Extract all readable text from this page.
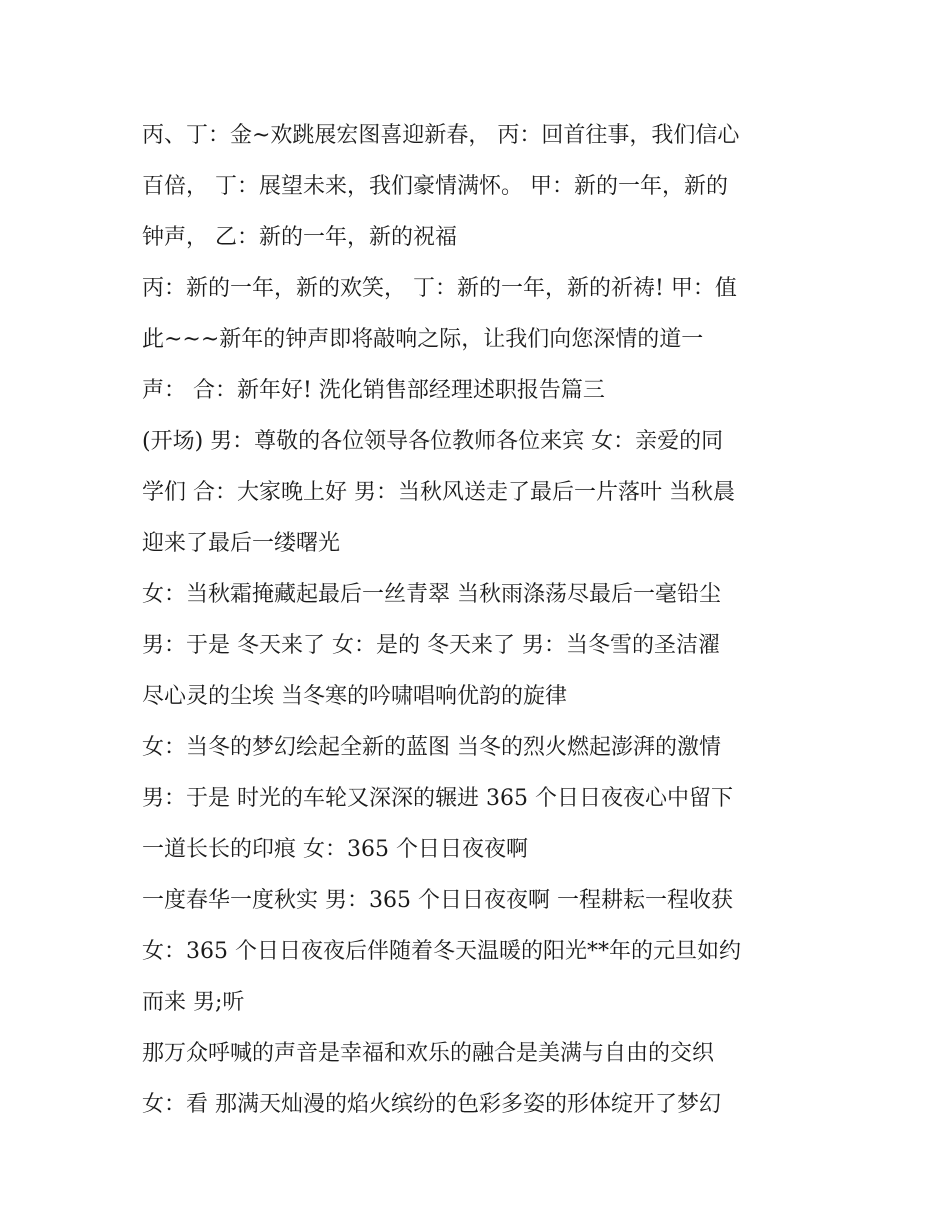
丙、丁：金~欢跳展宏图喜迎新春， 丙：回首往事，我们信心

百倍， 丁：展望未来，我们豪情满怀。 甲：新的一年，新的

钟声， 乙：新的一年，新的祝福

丙：新的一年，新的欢笑， 丁：新的一年，新的祈祷! 甲：值

此~~~新年的钟声即将敲响之际，让我们向您深情的道一

声： 合：新年好! 洗化销售部经理述职报告篇三

(开场) 男：尊敬的各位领导各位教师各位来宾 女：亲爱的同

学们 合：大家晚上好 男：当秋风送走了最后一片落叶 当秋晨

迎来了最后一缕曙光

女：当秋霜掩藏起最后一丝青翠 当秋雨涤荡尽最后一毫铅尘

男：于是 冬天来了 女：是的 冬天来了 男：当冬雪的圣洁濯

尽心灵的尘埃 当冬寒的吟啸唱响优韵的旋律

女：当冬的梦幻绘起全新的蓝图 当冬的烈火燃起澎湃的激情

男：于是 时光的车轮又深深的辗进 365 个日日夜夜心中留下

一道长长的印痕 女：365 个日日夜夜啊

一度春华一度秋实 男：365 个日日夜夜啊 一程耕耘一程收获

女：365 个日日夜夜后伴随着冬天温暖的阳光**年的元旦如约

而来 男;听

那万众呼喊的声音是幸福和欢乐的融合是美满与自由的交织

女：看 那满天灿漫的焰火缤纷的色彩多姿的形体绽开了梦幻
